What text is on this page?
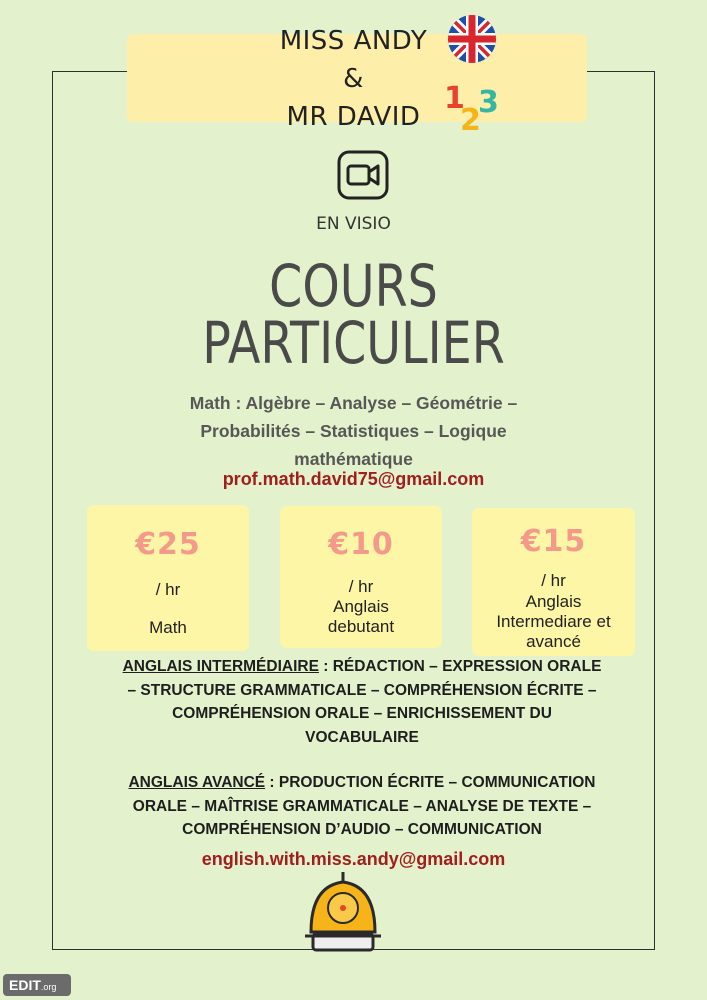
MISS ANDY
&
MR DAVID
1
2
3
EN VISIO
COURS
PARTICULIER
Math : Algèbre – Analyse – Géométrie –
Probabilités – Statistiques – Logique
mathématique
prof.math.david75@gmail.com
€25
/ hr
Math
€10
/ hr
Anglais
debutant
€15
/ hr
Anglais
Intermediare et
avancé
ANGLAIS INTERMÉDIAIRE : RÉDACTION – EXPRESSION ORALE
– STRUCTURE GRAMMATICALE – COMPRÉHENSION ÉCRITE –
COMPRÉHENSION ORALE – ENRICHISSEMENT DU
VOCABULAIRE
ANGLAIS AVANCÉ : PRODUCTION ÉCRITE – COMMUNICATION
ORALE – MAÎTRISE GRAMMATICALE – ANALYSE DE TEXTE –
COMPRÉHENSION D’AUDIO – COMMUNICATION
english.with.miss.andy@gmail.com
EDIT.org
